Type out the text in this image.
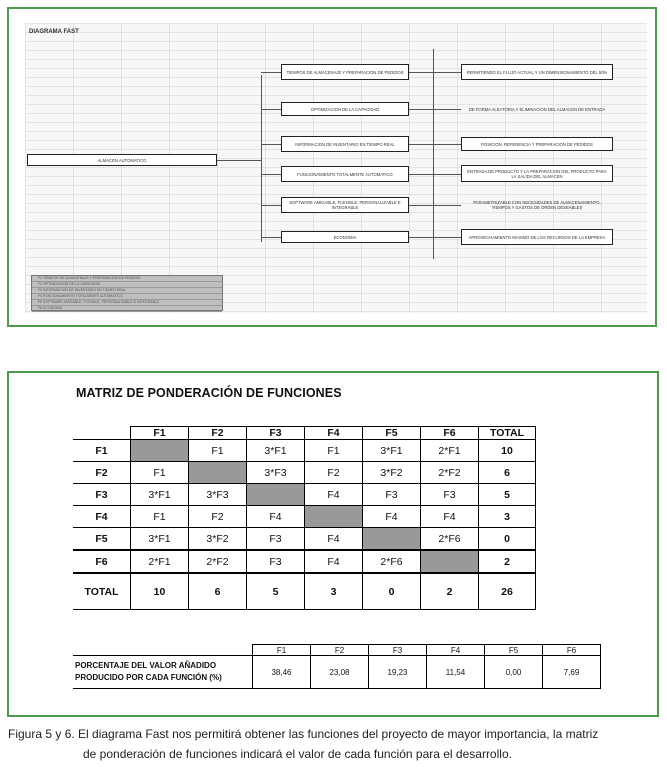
DIAGRAMA FAST
ALMACEN AUTOMATICO
TIEMPOS DE ALMACENAJE Y PREPARACION DE PEDIDOS
OPTIMIZACION DE LA CAPACIDAD
INFORMACION DE INVENTARIO EN TIEMPO REAL
FUNCIONAMIENTO TOTALMENTE AUTOMATICO
SOFTWARE AMIGABLE, FLEXIBLE, PERSONALIZABLE E INTEGRABLE
ECONOMIA
PERMITIENDO EL FLUJO ACTUAL Y UN DIMENSIONAMIENTO DEL 50%
DE FORMA ALEATORIA Y ELIMINACION DEL ALMACEN DE ENTRADA
POSICION, REFERENCIA Y PREPARACION DE PEDIDOS
ENTRADA DE PRODUCTO Y LA PREPARACION DEL PRODUCTO PARA LA SALIDA DEL ALMACEN
PARAMETRIZABLE CON NECESIDADES DE ALMACENAMIENTO, TIEMPOS Y GASTOS DE ORDEN DESEABLES
APROVECHAMIENTO MAXIMO DE LOS RECURSOS DE LA EMPRESA
F1 TIEMPOS DE ALMACENAJE Y PREPARACION DE PEDIDOS
F2 OPTIMIZACION DE LA CAPACIDAD
F3 INFORMACION DE INVENTARIO EN TIEMPO REAL
F4 FUNCIONAMIENTO TOTALMENTE AUTOMATICO
F5 SOFTWARE AMIGABLE, FLEXIBLE, PERSONALIZABLE E INTEGRABLE
F6 ECONOMIA
MATRIZ DE PONDERACIÓN DE FUNCIONES
	F1	F2	F3	F4	F5	F6	TOTAL
F1		F1	3*F1	F1	3*F1	2*F1	10
F2	F1		3*F3	F2	3*F2	2*F2	6
F3	3*F1	3*F3		F4	F3	F3	5
F4	F1	F2	F4		F4	F4	3
F5	3*F1	3*F2	F3	F4		2*F6	0
F6	2*F1	2*F2	F3	F4	2*F6		2
TOTAL	10	6	5	3	0	2	26
	F1	F2	F3	F4	F5	F6

PORCENTAJE DEL VALOR AÑADIDO
PRODUCIDO POR CADA FUNCIÓN (%)	38,46	23,08	19,23	11,54	0,00	7,69
Figura 5 y 6. El diagrama Fast nos permitirá obtener las funciones del proyecto de mayor importancia, la matriz
de ponderación de funciones indicará el valor de cada función para el desarrollo.
